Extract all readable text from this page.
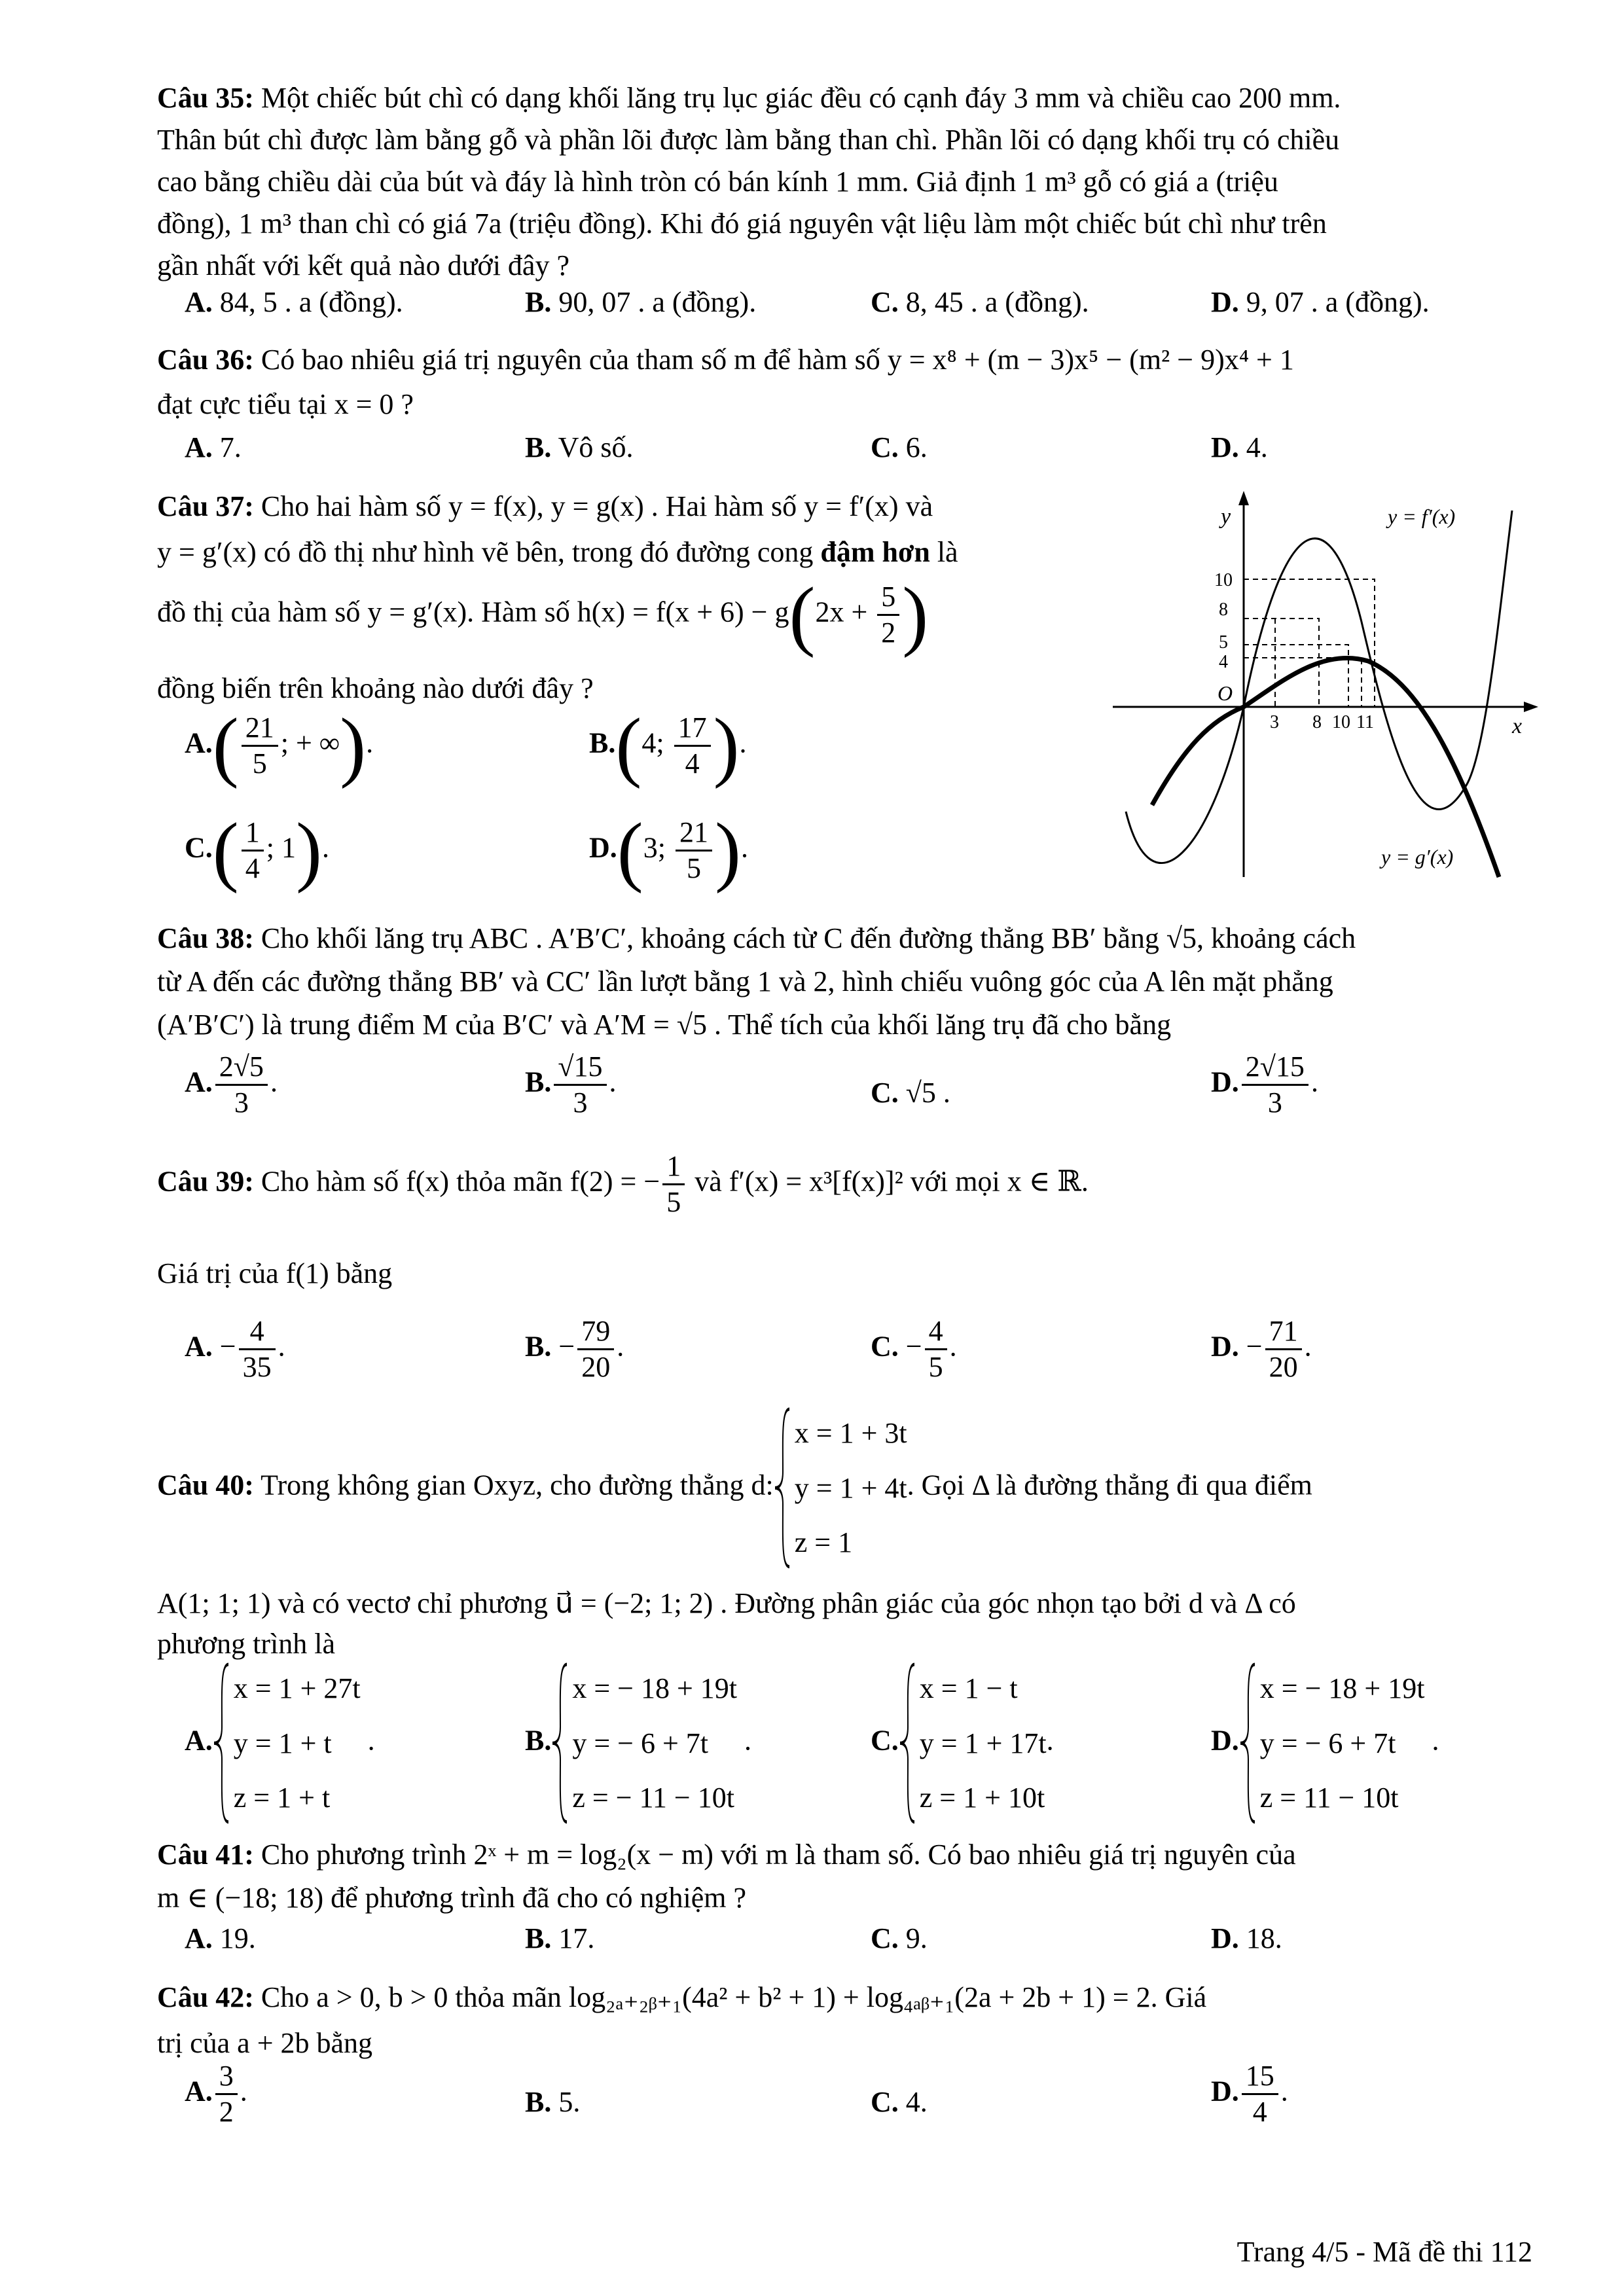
Câu 35: Một chiếc bút chì có dạng khối lăng trụ lục giác đều có cạnh đáy 3 mm và chiều cao 200 mm.
Thân bút chì được làm bằng gỗ và phần lõi được làm bằng than chì. Phần lõi có dạng khối trụ có chiều
cao bằng chiều dài của bút và đáy là hình tròn có bán kính 1 mm. Giả định 1 m³ gỗ có giá a (triệu
đồng), 1 m³ than chì có giá 7a (triệu đồng). Khi đó giá nguyên vật liệu làm một chiếc bút chì như trên
gần nhất với kết quả nào dưới đây ?
A. 84, 5 . a (đồng).	B. 90, 07 . a (đồng).	C. 8, 45 . a (đồng).	D. 9, 07 . a (đồng).
Câu 36: Có bao nhiêu giá trị nguyên của tham số m để hàm số y = x⁸ + (m − 3)x⁵ − (m² − 9)x⁴ + 1
đạt cực tiểu tại x = 0 ?
A. 7.	B. Vô số.	C. 6.	D. 4.
Câu 37: Cho hai hàm số y = f(x), y = g(x) . Hai hàm số y = f′(x) và
y = g′(x) có đồ thị như hình vẽ bên, trong đó đường cong đậm hơn là
đồ thị của hàm số y = g′(x). Hàm số $h(x) = f(x + 6) - g(2x + \frac{5}{2}$ )
đồng biến trên khoảng nào dưới đây ?
$A.( \frac{21}{5}$ ; + ∞).	B.(4; $\frac{17}{4}$ ).
$C.( \frac{1}{4}$ ; 1).	D.(3; $\frac{21}{5}$ ).
y
x
O
y = f′(x)
y = g′(x)
10
8
5
4
3 8 10 11
Câu 38: Cho khối lăng trụ ABC . A′B′C′, khoảng cách từ C đến đường thẳng BB′ bằng √5, khoảng cách
từ A đến các đường thẳng BB′ và CC′ lần lượt bằng 1 và 2, hình chiếu vuông góc của A lên mặt phẳng
(A′B′C′) là trung điểm M của B′C′ và A′M = √5 . Thể tích của khối lăng trụ đã cho bằng
A. $\frac{2√5}{3}$ .	B. $\frac{√15}{3}$ .	C. √5 .	D. $\frac{2√15}{3}$ .
Câu 39: Cho hàm số f(x) thỏa mãn f(2) = − $\frac{1}{5}$ và f′(x) = x³[f(x)]² với mọi x ∈ ℝ.
Giá trị của f(1) bằng
A. − $\frac{4}{35}$ .	B. − $\frac{79}{20}$ .	C. − $\frac{4}{5}$ .	D. − $\frac{71}{20}$ .
Câu 40: Trong không gian Oxyz, cho đường thẳng d:
x = 1 + 3t
y = 1 + 4t
z = 1
. Gọi Δ là đường thẳng đi qua điểm
A(1; 1; 1) và có vectơ chỉ phương u⃗ = (−2; 1; 2) . Đường phân giác của góc nhọn tạo bởi d và Δ có
phương trình là
A.
x = 1 + 27t
y = 1 + t
z = 1 + t
.	B.
x = − 18 + 19t
y = − 6 + 7t
z = − 11 − 10t
.	C.
x = 1 − t
y = 1 + 17t
z = 1 + 10t
.	D.
x = − 18 + 19t
y = − 6 + 7t
z = 11 − 10t
.
Câu 41: Cho phương trình 2ˣ + m = log₂(x − m) với m là tham số. Có bao nhiêu giá trị nguyên của
m ∈ (−18; 18) để phương trình đã cho có nghiệm ?
A. 19.	B. 17.	C. 9.	D. 18.
Câu 42: Cho a > 0, b > 0 thỏa mãn log₂ₐ₊₂ᵦ₊₁(4a² + b² + 1) + log₄ₐᵦ₊₁(2a + 2b + 1) = 2. Giá
trị của a + 2b bằng
A. $\frac{3}{2}$ .	B. 5.	C. 4.	D. $\frac{15}{4}$ .
Trang 4/5 - Mã đề thi 112
